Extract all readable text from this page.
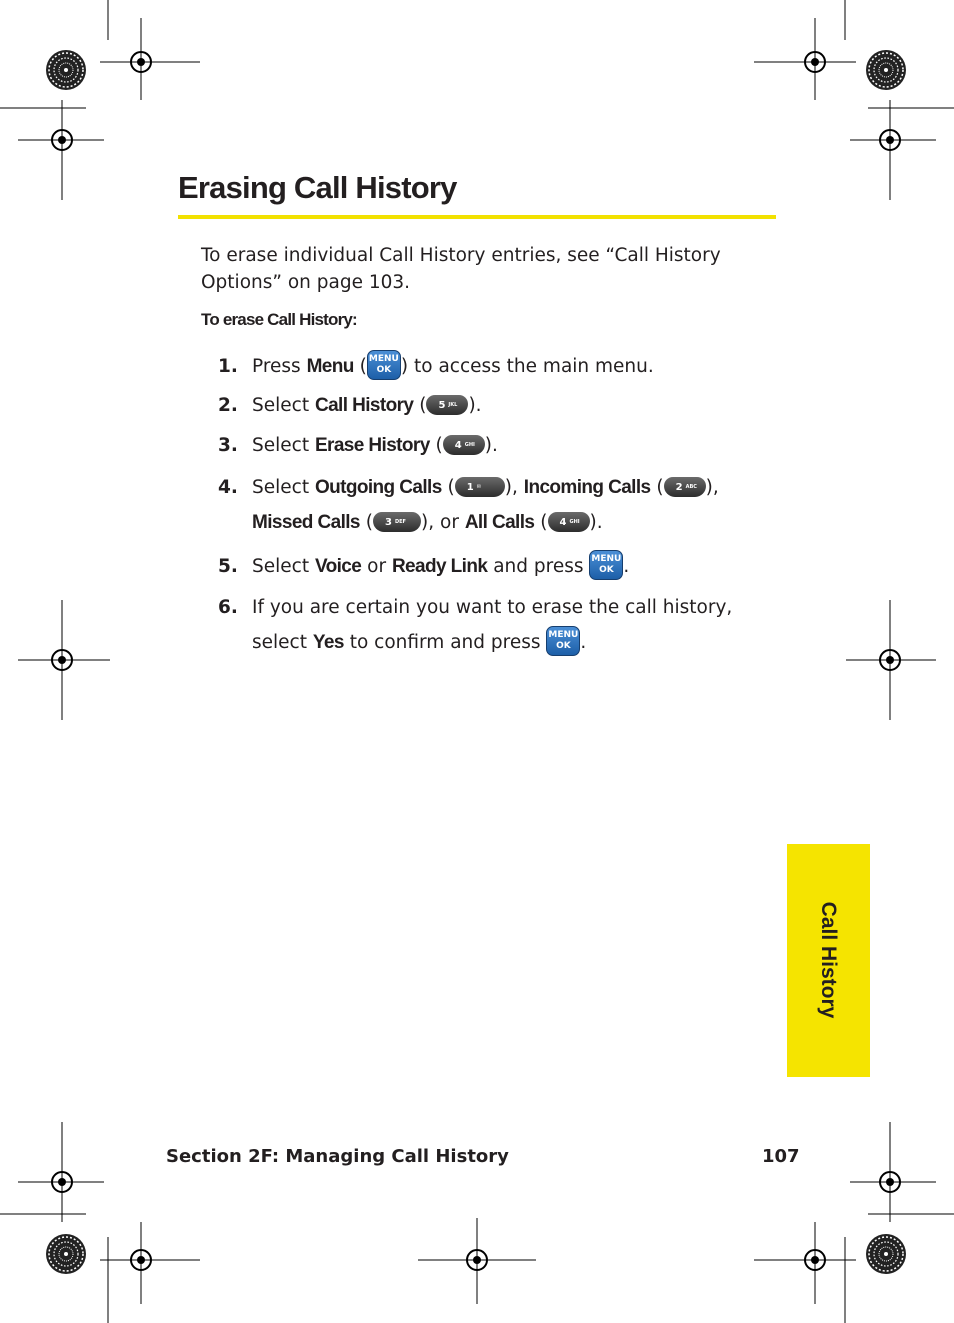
Erasing Call History
To erase individual Call History entries, see “Call History Options” on page 103.
To erase Call History:
1. Press Menu ( MENU
OK ) to access the main menu.
2. Select Call History ( 5 JKL ).
3. Select Erase History ( 4 GHI ).
4. Select Outgoing Calls ( 1 ✉ ), Incoming Calls ( 2 ABC ),
Missed Calls ( 3 DEF ), or All Calls ( 4 GHI ).
5. Select Voice or Ready Link and press MENU
OK .
6. If you are certain you want to erase the call history,
select Yes to confirm and press MENU
OK .
Call History
Section 2F: Managing Call History	107
